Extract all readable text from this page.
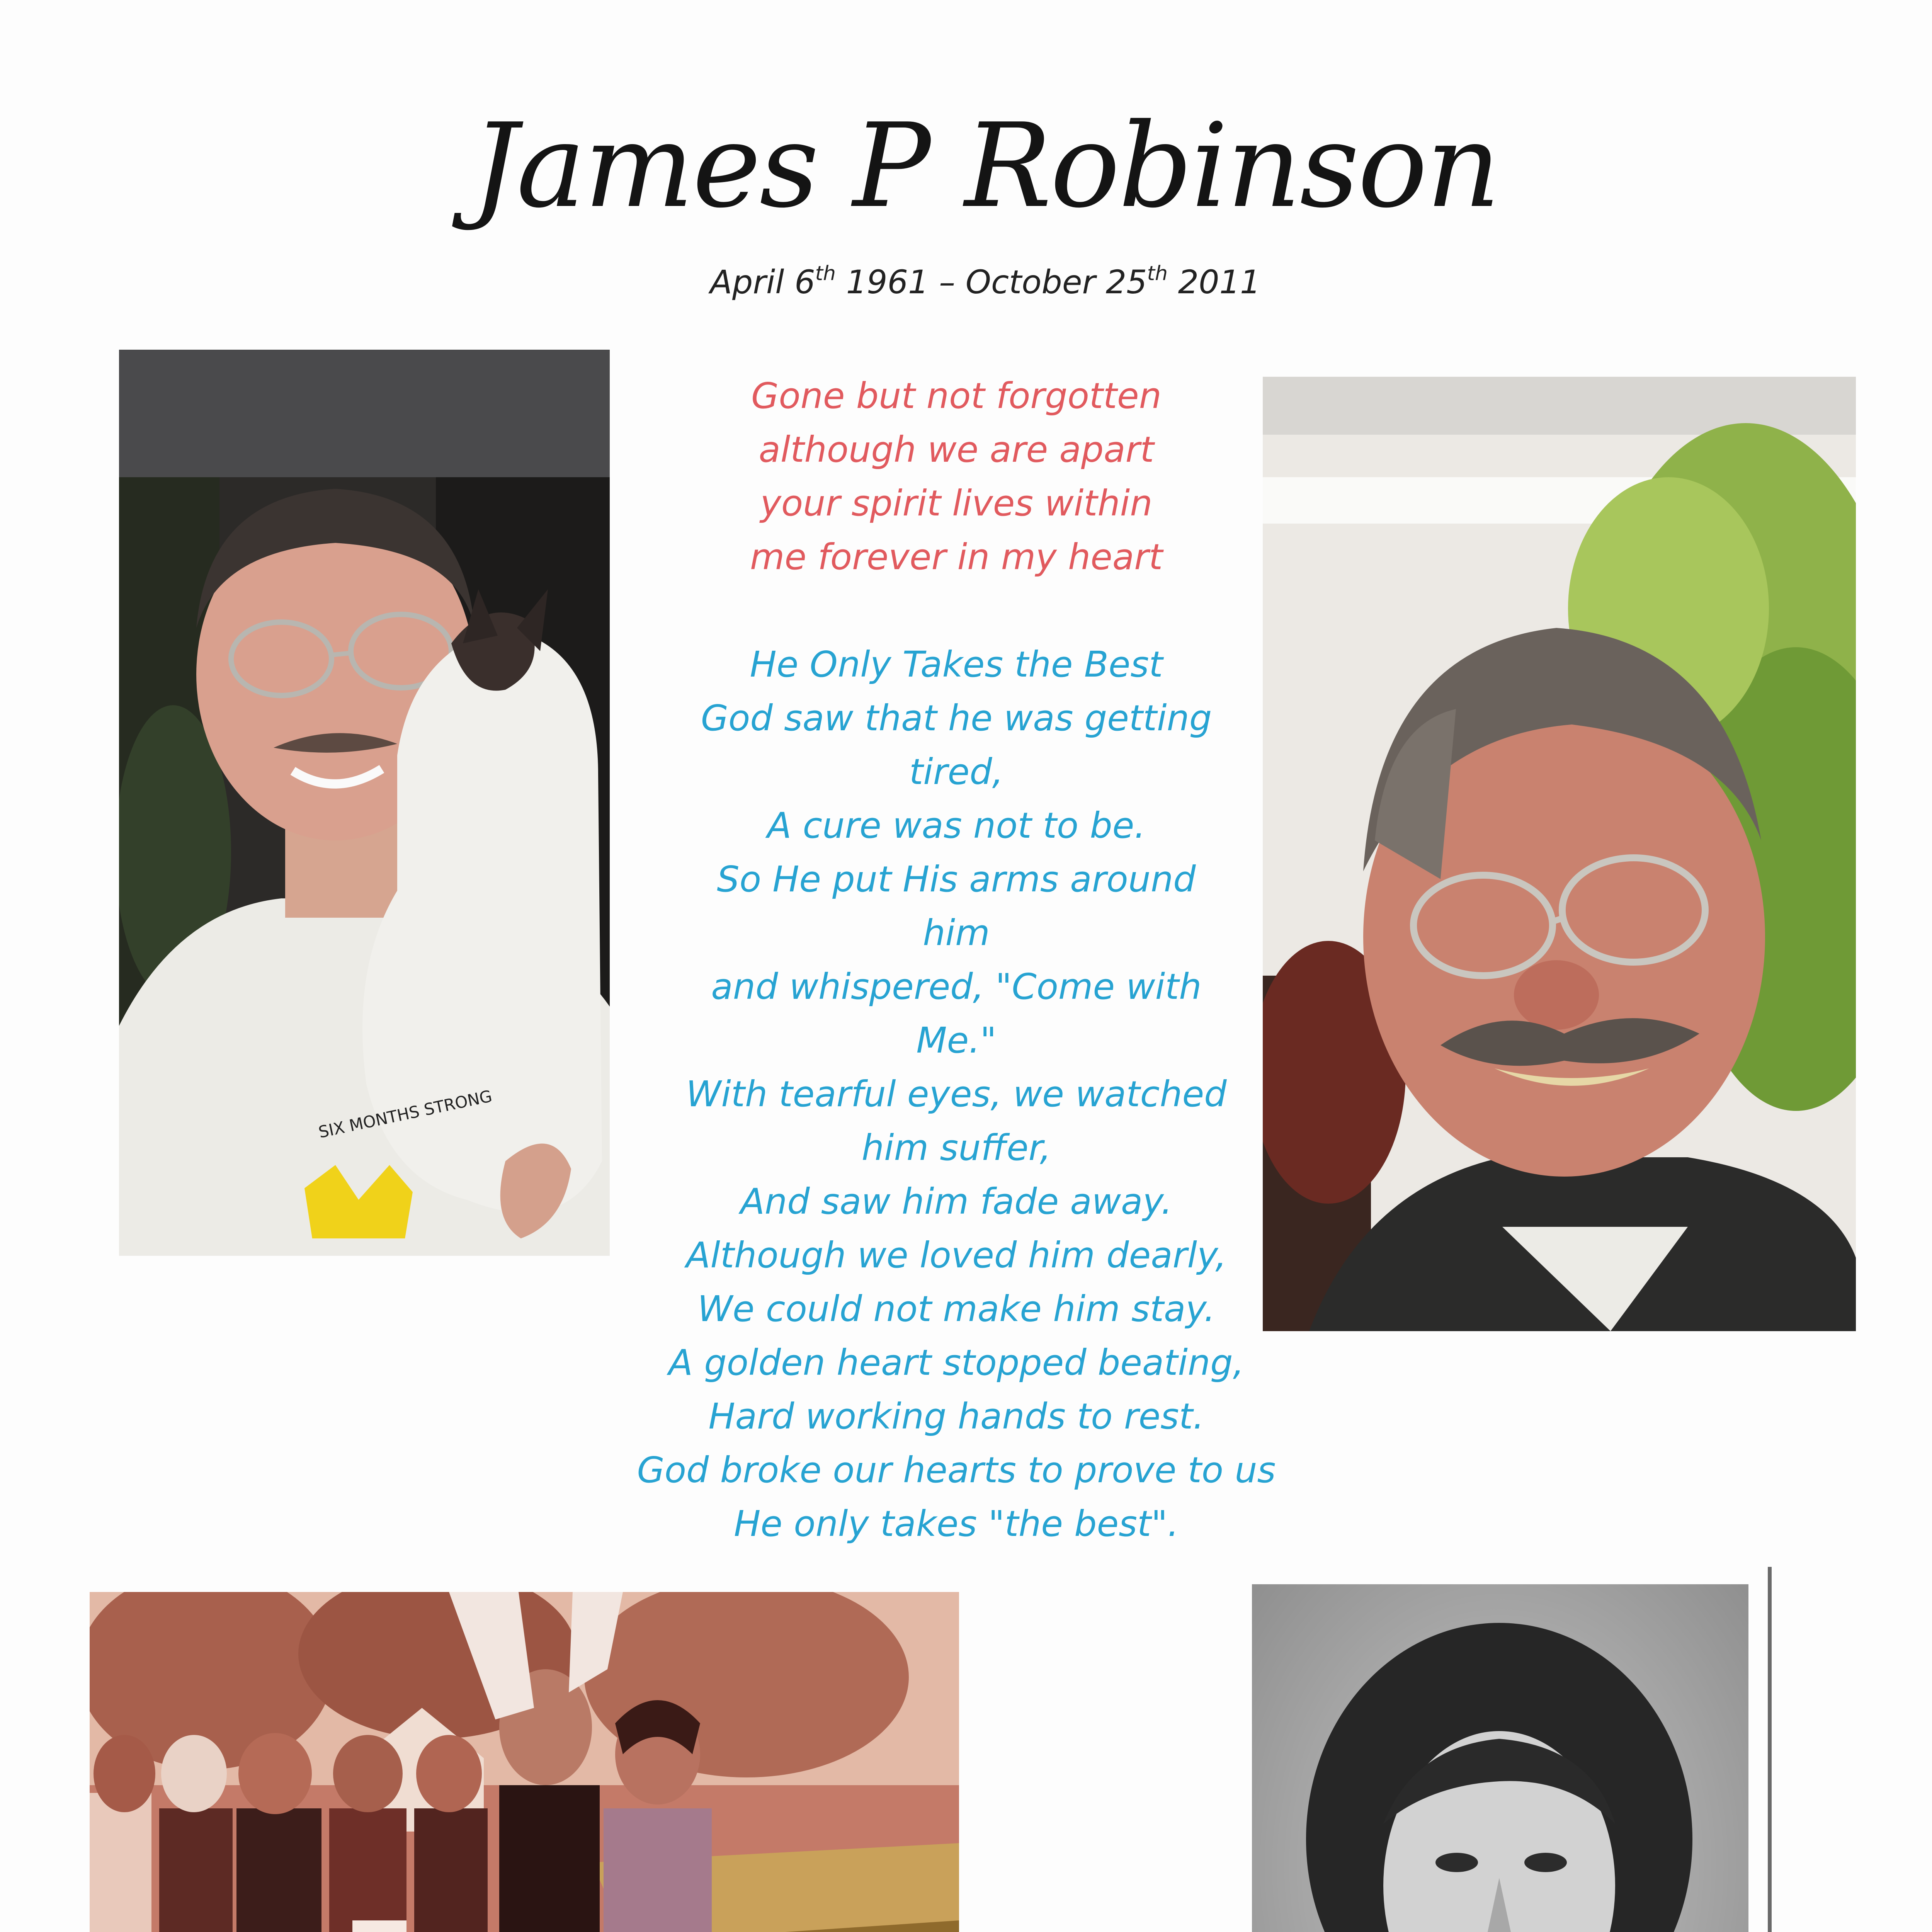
James P Robinson
April 6th 1961 – October 25th 2011
Gone but not forgotten
although we are apart
your spirit lives within
me forever in my heart
He Only Takes the Best
God saw that he was getting
tired,
A cure was not to be.
So He put His arms around
him
and whispered, "Come with
Me."
With tearful eyes, we watched
him suffer,
And saw him fade away.
Although we loved him dearly,
We could not make him stay.
A golden heart stopped beating,
Hard working hands to rest.
God broke our hearts to prove to us
He only takes "the best".
SIX MONTHS STRONG
